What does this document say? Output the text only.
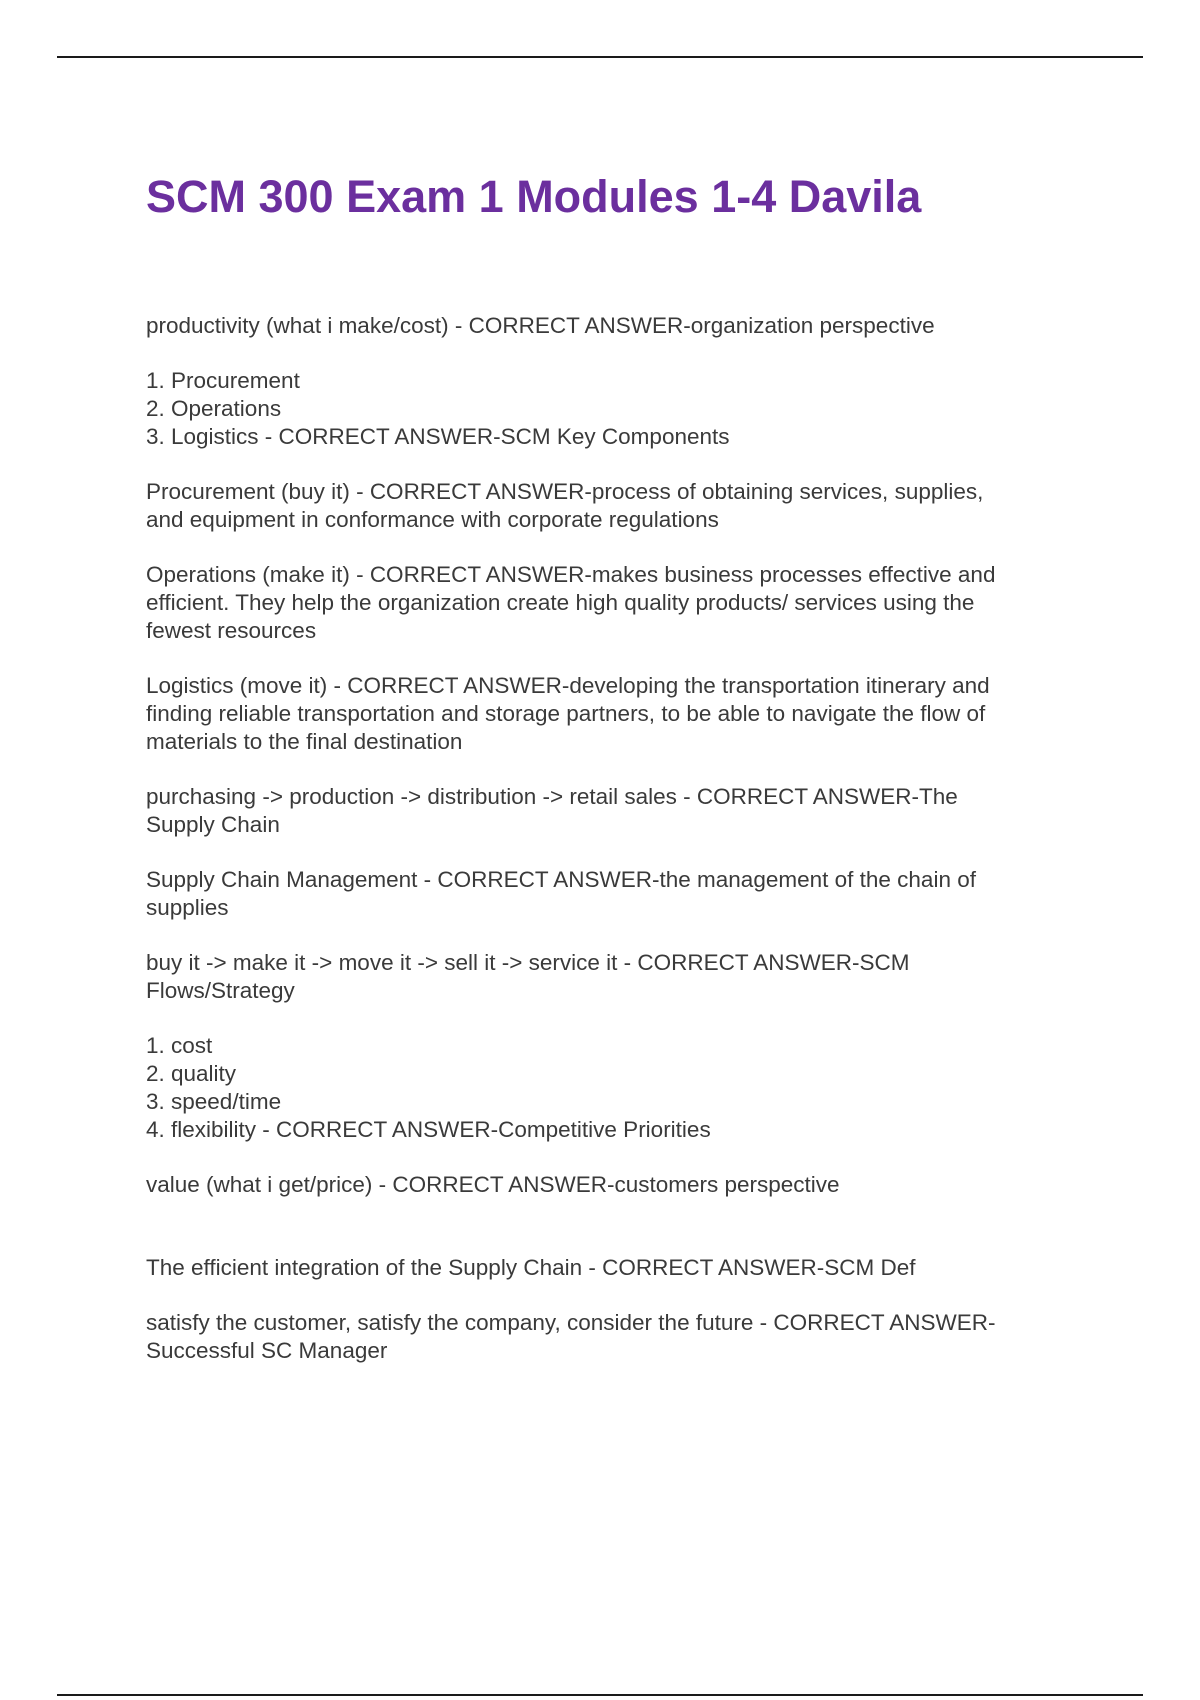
SCM 300 Exam 1 Modules 1-4 Davila

productivity (what i make/cost) - CORRECT ANSWER-organization perspective

1. Procurement

2. Operations

3. Logistics - CORRECT ANSWER-SCM Key Components

Procurement (buy it) - CORRECT ANSWER-process of obtaining services, supplies,

and equipment in conformance with corporate regulations

Operations (make it) - CORRECT ANSWER-makes business processes effective and

efficient. They help the organization create high quality products/ services using the

fewest resources

Logistics (move it) - CORRECT ANSWER-developing the transportation itinerary and

finding reliable transportation and storage partners, to be able to navigate the flow of

materials to the final destination

purchasing -> production -> distribution -> retail sales - CORRECT ANSWER-The

Supply Chain

Supply Chain Management - CORRECT ANSWER-the management of the chain of

supplies

buy it -> make it -> move it -> sell it -> service it - CORRECT ANSWER-SCM

Flows/Strategy

1. cost

2. quality

3. speed/time

4. flexibility - CORRECT ANSWER-Competitive Priorities

value (what i get/price) - CORRECT ANSWER-customers perspective

The efficient integration of the Supply Chain - CORRECT ANSWER-SCM Def

satisfy the customer, satisfy the company, consider the future - CORRECT ANSWER-

Successful SC Manager
